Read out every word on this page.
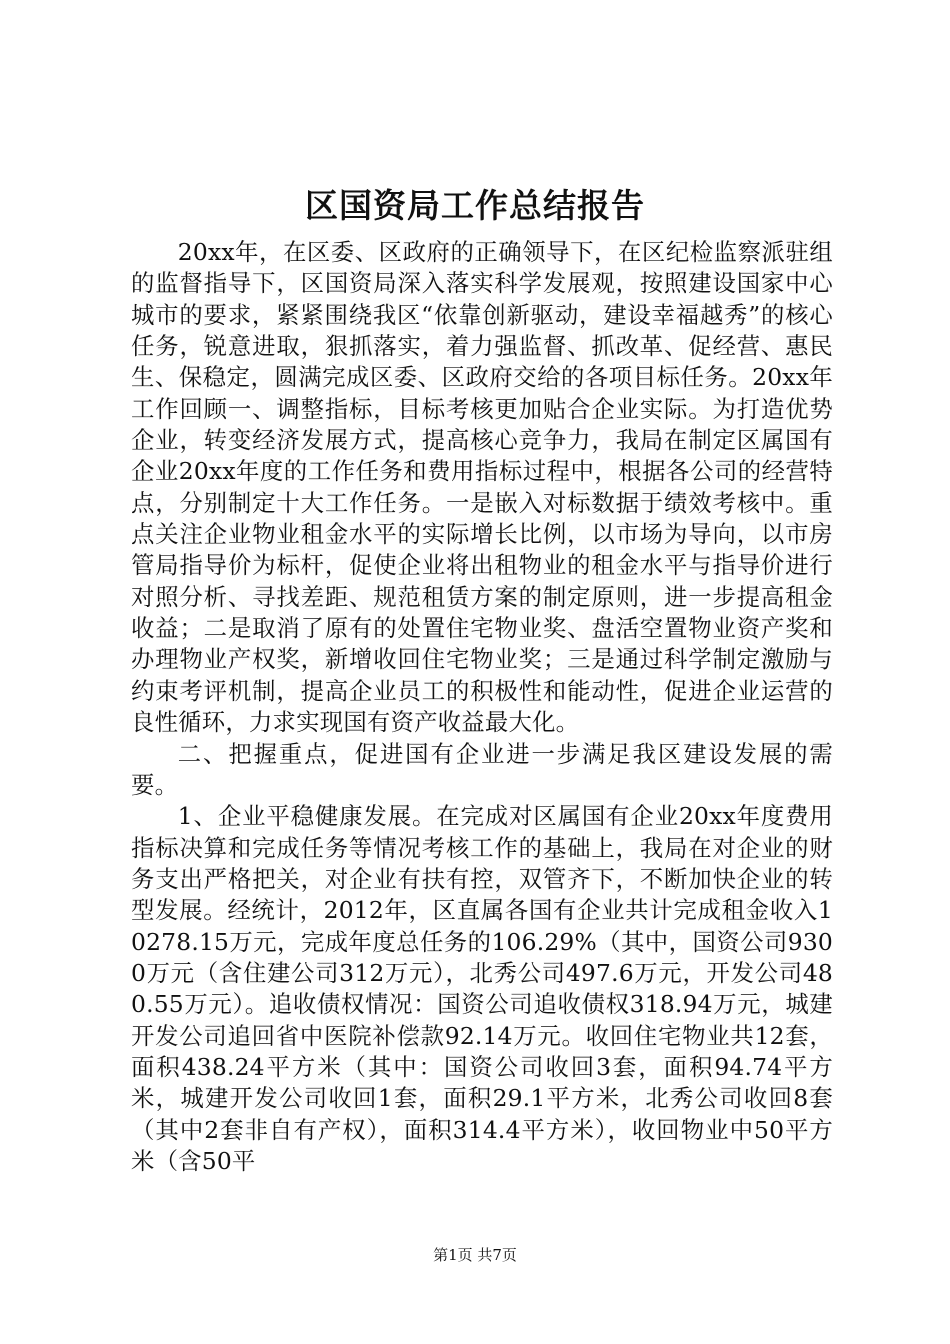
区国资局工作总结报告

20xx年，在区委、区政府的正确领导下，在区纪检监察派驻组的监督指导下，区国资局深入落实科学发展观，按照建设国家中心城市的要求，紧紧围绕我区“依靠创新驱动，建设幸福越秀”的核心任务，锐意进取，狠抓落实，着力强监督、抓改革、促经营、惠民生、保稳定，圆满完成区委、区政府交给的各项目标任务。20xx年工作回顾一、调整指标，目标考核更加贴合企业实际。为打造优势企业，转变经济发展方式，提高核心竞争力，我局在制定区属国有企业20xx年度的工作任务和费用指标过程中，根据各公司的经营特点，分别制定十大工作任务。一是嵌入对标数据于绩效考核中。重点关注企业物业租金水平的实际增长比例，以市场为导向，以市房管局指导价为标杆，促使企业将出租物业的租金水平与指导价进行对照分析、寻找差距、规范租赁方案的制定原则，进一步提高租金收益；二是取消了原有的处置住宅物业奖、盘活空置物业资产奖和办理物业产权奖，新增收回住宅物业奖；三是通过科学制定激励与约束考评机制，提高企业员工的积极性和能动性，促进企业运营的良性循环，力求实现国有资产收益最大化。

二、把握重点，促进国有企业进一步满足我区建设发展的需要。

1、企业平稳健康发展。在完成对区属国有企业20xx年度费用指标决算和完成任务等情况考核工作的基础上，我局在对企业的财务支出严格把关，对企业有扶有控，双管齐下，不断加快企业的转型发展。经统计，2012年，区直属各国有企业共计完成租金收入10278.15万元，完成年度总任务的106.29%（其中，国资公司9300万元（含住建公司312万元），北秀公司497.6万元，开发公司480.55万元）。追收债权情况：国资公司追收债权318.94万元，城建开发公司追回省中医院补偿款92.14万元。收回住宅物业共12套，面积438.24平方米（其中：国资公司收回3套，面积94.74平方米，城建开发公司收回1套，面积29.1平方米，北秀公司收回8套（其中2套非自有产权），面积314.4平方米），收回物业中50平方米（含50平

第1页 共7页
